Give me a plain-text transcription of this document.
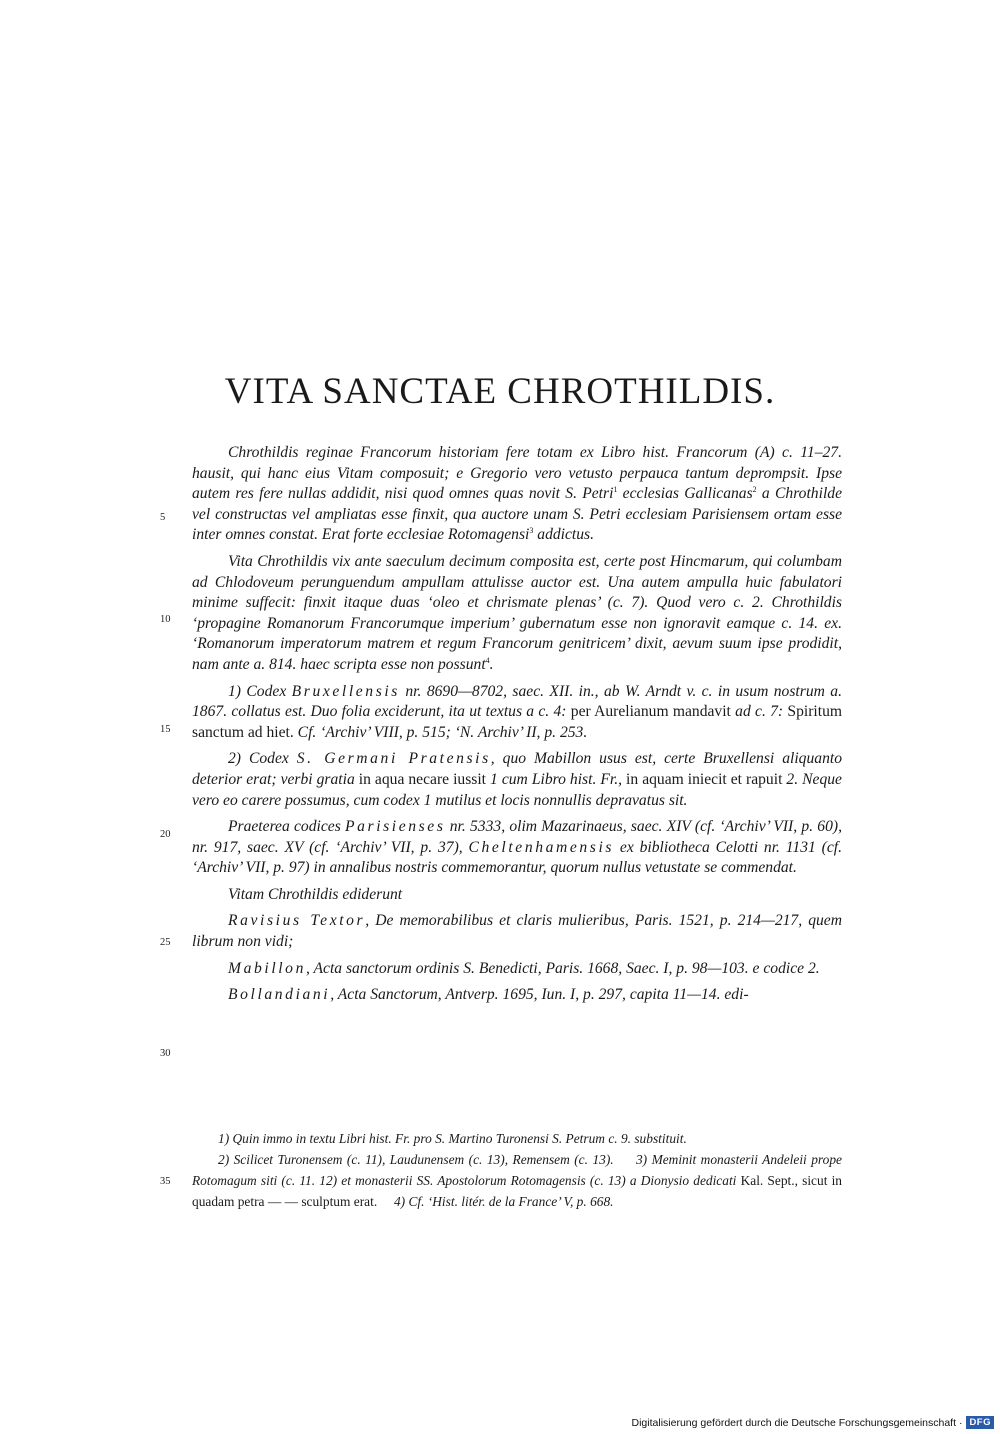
VITA SANCTAE CHROTHILDIS.
5
10
15
20
25
30
35

Chrothildis reginae Francorum historiam fere totam ex Libro hist. Francorum (A) c. 11–27. hausit, qui hanc eius Vitam composuit; e Gregorio vero vetusto perpauca tantum deprompsit. Ipse autem res fere nullas addidit, nisi quod omnes quas novit S. Petri$^1$ ecclesias Gallicanas$^2$ a Chrothilde vel constructas vel ampliatas esse finxit, qua auctore unam S. Petri ecclesiam Parisiensem ortam esse inter omnes constat. Erat forte ecclesiae Rotomagensi$^3$ addictus.

Vita Chrothildis vix ante saeculum decimum composita est, certe post Hincmarum, qui columbam ad Chlodoveum perunguendum ampullam attulisse auctor est. Una autem ampulla huic fabulatori minime suffecit: finxit itaque duas ‘oleo et chrismate plenas’ (c. 7). Quod vero c. 2. Chrothildis ‘propagine Romanorum Francorumque imperium’ gubernatum esse non ignoravit eamque c. 14. ex. ‘Romanorum imperatorum matrem et regum Francorum genitricem’ dixit, aevum suum ipse prodidit, nam ante a. 814. haec scripta esse non possunt$^4$.

1) Codex Bruxellensis nr. 8690—8702, saec. XII. in., ab W. Arndt v. c. in usum nostrum a. 1867. collatus est. Duo folia exciderunt, ita ut textus a c. 4: per Aurelianum mandavit ad c. 7: Spiritum sanctum ad hiet. Cf. ‘Archiv’ VIII, p. 515; ‘N. Archiv’ II, p. 253.

2) Codex S. Germani Pratensis, quo Mabillon usus est, certe Bruxellensi aliquanto deterior erat; verbi gratia in aqua necare iussit 1 cum Libro hist. Fr., in aquam iniecit et rapuit 2. Neque vero eo carere possumus, cum codex 1 mutilus et locis nonnullis depravatus sit.

Praeterea codices Parisienses nr. 5333, olim Mazarinaeus, saec. XIV (cf. ‘Archiv’ VII, p. 60), nr. 917, saec. XV (cf. ‘Archiv’ VII, p. 37), Cheltenhamensis ex bibliotheca Celotti nr. 1131 (cf. ‘Archiv’ VII, p. 97) in annalibus nostris commemorantur, quorum nullus vetustate se commendat.

Vitam Chrothildis ediderunt

Ravisius Textor, De memorabilibus et claris mulieribus, Paris. 1521, p. 214—217, quem librum non vidi;

Mabillon, Acta sanctorum ordinis S. Benedicti, Paris. 1668, Saec. I, p. 98—103. e codice 2.

Bollandiani, Acta Sanctorum, Antverp. 1695, Iun. I, p. 297, capita 11—14. edi-

1) Quin immo in textu Libri hist. Fr. pro S. Martino Turonensi S. Petrum c. 9. substituit.

2) Scilicet Turonensem (c. 11), Laudunensem (c. 13), Remensem (c. 13). 3) Meminit monasterii Andeleii prope Rotomagum siti (c. 11. 12) et monasterii SS. Apostolorum Rotomagensis (c. 13) a Dionysio dedicati Kal. Sept., sicut in quadam petra — — sculptum erat. 4) Cf. ‘Hist. litér. de la France’ V, p. 668.

Digitalisierung gefördert durch die Deutsche Forschungsgemeinschaft · DFG
